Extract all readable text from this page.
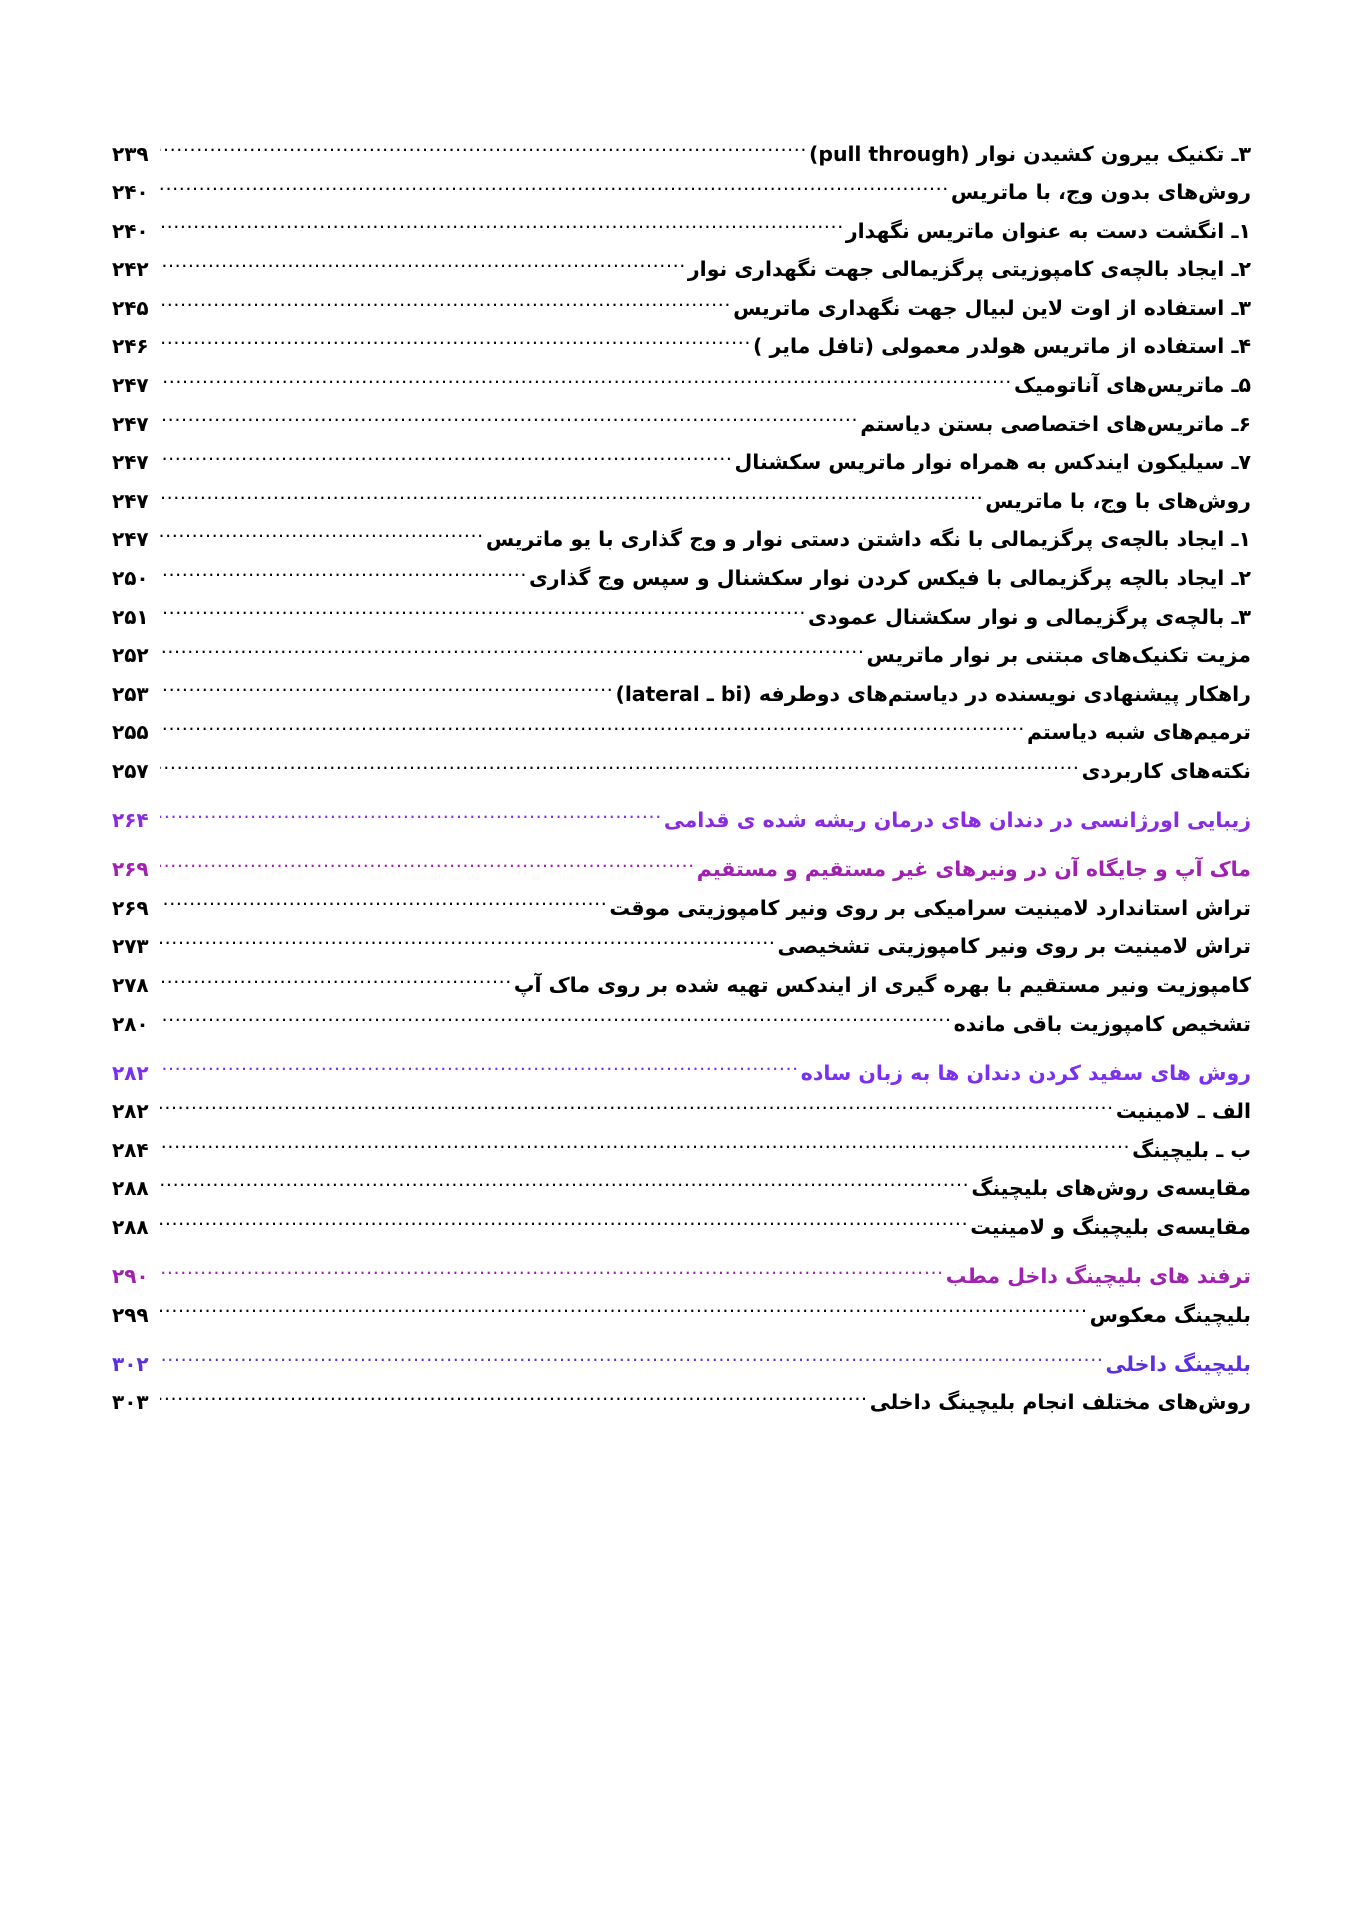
۳ـ تکنیک بیرون کشیدن نوار (pull through)
.....
۲۳۹
روش‌های بدون وج، با ماتریس
.....
۲۴۰
۱ـ انگشت دست به عنوان ماتریس نگهدار
.....
۲۴۰
۲ـ ایجاد بالچه‌ی کامپوزیتی پرگزیمالی جهت نگهداری نوار
.....
۲۴۲
۳ـ استفاده از اوت لاین لبیال جهت نگهداری ماتریس
.....
۲۴۵
۴ـ استفاده از ماتریس هولدر معمولی (تافل مایر )
.....
۲۴۶
۵ـ ماتریس‌های آناتومیک
.....
۲۴۷
۶ـ ماتریس‌های اختصاصی بستن دیاستم
.....
۲۴۷
۷ـ سیلیکون ایندکس به همراه نوار ماتریس سکشنال
.....
۲۴۷
روش‌های با وج، با ماتریس
.....
۲۴۷
۱ـ ایجاد بالچه‌ی پرگزیمالی با نگه داشتن دستی نوار و وج گذاری با یو ماتریس
.....
۲۴۷
۲ـ ایجاد بالچه پرگزیمالی با فیکس کردن نوار سکشنال و سپس وج گذاری
.....
۲۵۰
۳ـ بالچه‌ی پرگزیمالی و نوار سکشنال عمودی
.....
۲۵۱
مزیت تکنیک‌های مبتنی بر نوار ماتریس
.....
۲۵۲
راهکار پیشنهادی نویسنده در دیاستم‌های دوطرفه (bi ـ lateral)
.....
۲۵۳
ترمیم‌های شبه دیاستم
.....
۲۵۵
نکته‌های کاربردی
.....
۲۵۷
زیبایی اورژانسی در دندان های درمان ریشه شده ی قدامی
.....
۲۶۴
ماک آپ و جایگاه آن در ونیرهای غیر مستقیم و مستقیم
.....
۲۶۹
تراش استاندارد لامینیت سرامیکی بر روی ونیر کامپوزیتی موقت
.....
۲۶۹
تراش لامینیت بر روی ونیر کامپوزیتی تشخیصی
.....
۲۷۳
کامپوزیت ونیر مستقیم با بهره گیری از ایندکس تهیه شده بر روی ماک آپ
.....
۲۷۸
تشخیص کامپوزیت باقی مانده
.....
۲۸۰
روش های سفید کردن دندان ها به زبان ساده
.....
۲۸۲
الف ـ لامینیت
.....
۲۸۲
ب ـ بلیچینگ
.....
۲۸۴
مقایسه‌ی روش‌های بلیچینگ
.....
۲۸۸
مقایسه‌ی بلیچینگ و لامینیت
.....
۲۸۸
ترفند های بلیچینگ داخل مطب
.....
۲۹۰
بلیچینگ معکوس
.....
۲۹۹
بلیچینگ داخلی
.....
۳۰۲
روش‌های مختلف انجام بلیچینگ داخلی
.....
۳۰۳
